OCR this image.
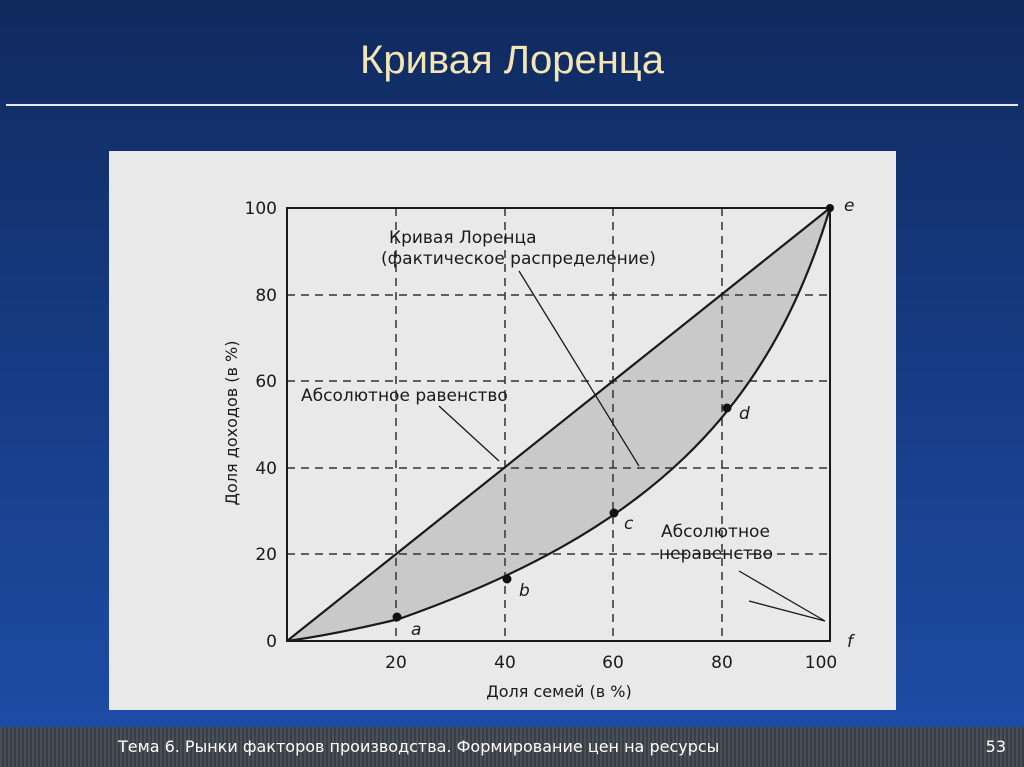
Кривая Лоренца
a
b
c
d
e
f
0
20
40
60
80
100
20	40	60	80	100
Доля семей (в %)
Доля доходов (в %)
Кривая Лоренца
(фактическое распределение)
Абсолютное равенство
Абсолютное
неравенство
Тема 6. Рынки факторов производства. Формирование цен на ресурсы	53
